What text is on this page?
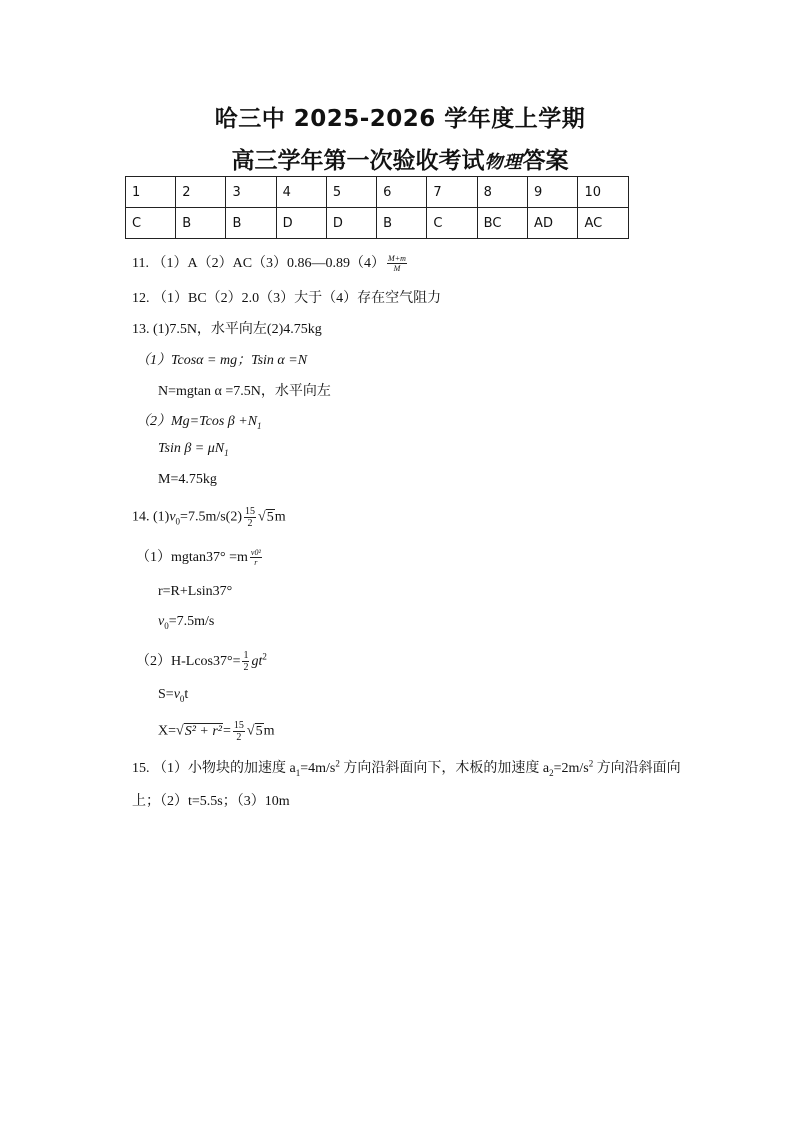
哈三中 2025-2026 学年度上学期
高三学年第一次验收考试物理答案
1	2	3	4	5	6	7	8	9	10
C	B	B	D	D	B	C	BC	AD	AC
11. （1）A（2）AC（3）0.86—0.89（4） $\frac{M+m}{M}$
12. （1）BC（2）2.0（3）大于（4）存在空气阻力
13. (1)7.5N，水平向左(2)4.75kg
（1）Tcosα = mg；Tsin α =N
N=mgtan α =7.5N，水平向左
（2）Mg=Tcos $\beta +N_1$
Tsin $\beta = \mu N_1$
M=4.75kg
14. $(1)v_0=7.5m/s(2) \frac{15}{2} √5m$
$(1)mgtan37^\circ =m \frac{\text{v0²}}{r}$
r=R+Lsin37°
$v_0=7.5m/s$
$(2)H-Lcos37^\circ= \frac{1}{2} gt^2$
$S=v_0t$
$X=√S^2 + r^2= \frac{15}{2} √5m$
15. （1）小物块的加速度 $a_1=4m/s^2$ 方向沿斜面向下，木板的加速度 $a_2=2m/s^2$ 方向沿斜面向
上；（2）t=5.5s；（3）10m
